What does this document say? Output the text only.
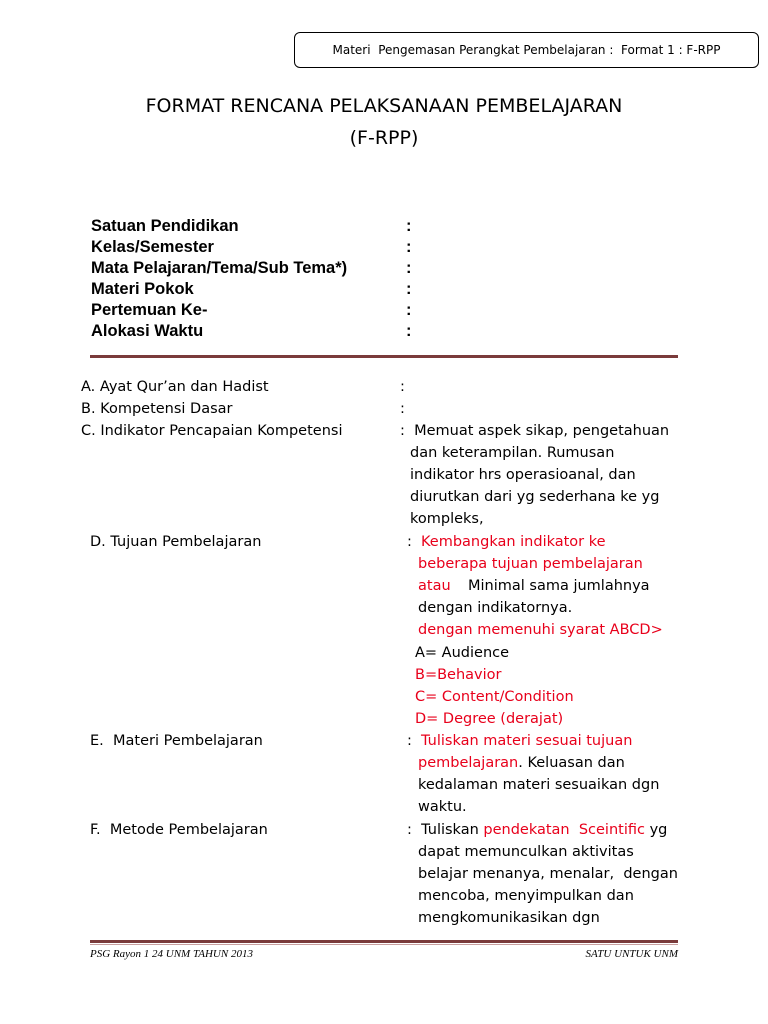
Materi  Pengemasan Perangkat Pembelajaran :  Format 1 : F-RPP
FORMAT RENCANA PELAKSANAAN PEMBELAJARAN
(F-RPP)
Satuan Pendidikan	:
Kelas/Semester	:
Mata Pelajaran/Tema/Sub Tema*)	:
Materi Pokok	:
Pertemuan Ke-	:
Alokasi Waktu	:
A. Ayat Qur’an dan Hadist	:
B. Kompetensi Dasar	:
C. Indikator Pencapaian Kompetensi	:  Memuat aspek sikap, pengetahuan
dan keterampilan. Rumusan
indikator hrs operasioanal, dan
diurutkan dari yg sederhana ke yg
kompleks,
D. Tujuan Pembelajaran	: Kembangkan indikator ke
beberapa tujuan pembelajaran
atau Minimal sama jumlahnya
dengan indikatornya.
dengan memenuhi syarat ABCD>
A= Audience
B=Behavior
C= Content/Condition
D= Degree (derajat)
E.  Materi Pembelajaran	: Tuliskan materi sesuai tujuan
pembelajaran. Keluasan dan
kedalaman materi sesuaikan dgn
waktu.
F.  Metode Pembelajaran	:  Tuliskan pendekatan  Sceintific yg
dapat memunculkan aktivitas
belajar menanya, menalar,  dengan
mencoba, menyimpulkan dan
mengkomunikasikan dgn
PSG Rayon 1 24 UNM TAHUN 2013	SATU UNTUK UNM
